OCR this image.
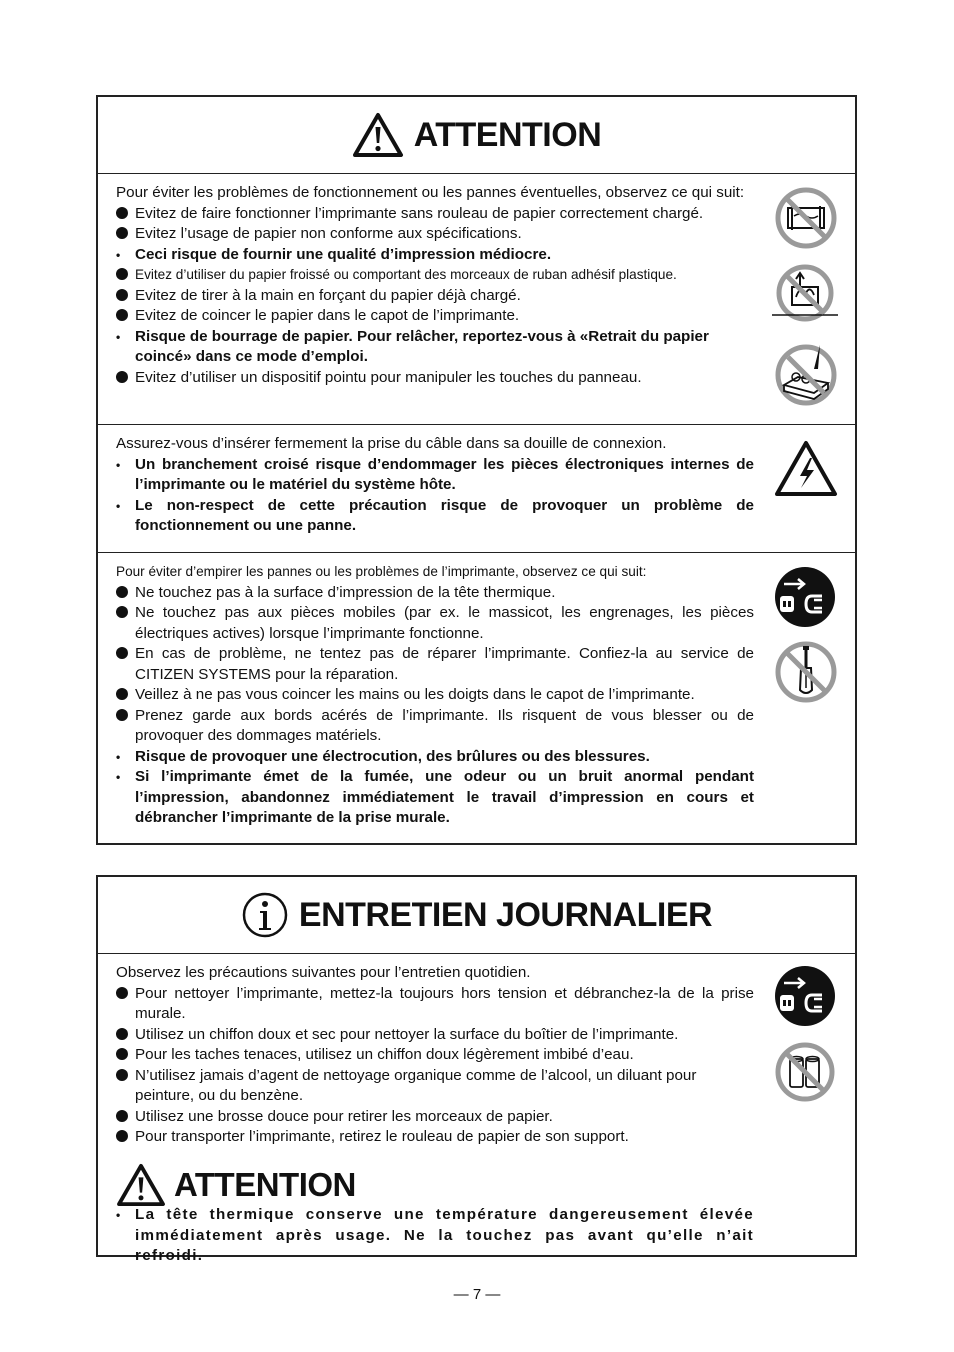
ATTENTION
Pour éviter les problèmes de fonctionnement ou les pannes éventuelles, observez ce qui suit:
Evitez de faire fonctionner l’imprimante sans rouleau de papier correctement chargé.
Evitez l’usage de papier non conforme aux spécifications.
•
Ceci risque de fournir une qualité d’impression médiocre.
Evitez d’utiliser du papier froissé ou comportant des morceaux de ruban adhésif plastique.
Evitez de tirer à la main en forçant du papier déjà chargé.
Evitez de coincer le papier dans le capot de l’imprimante.
•
Risque de bourrage de papier. Pour relâcher, reportez-vous à «Retrait du papier coincé» dans ce mode d’emploi.
Evitez d’utiliser un dispositif pointu pour manipuler les touches du panneau.
Assurez-vous d’insérer fermement la prise du câble dans sa douille de connexion.
•
Un branchement croisé risque d’endommager les pièces électroniques internes de l’imprimante ou le matériel du système hôte.
•
Le non-respect de cette précaution risque de provoquer un problème de fonctionnement ou une panne.
Pour éviter d’empirer les pannes ou les problèmes de l’imprimante, observez ce qui suit:
Ne touchez pas à la surface d’impression de la tête thermique.
Ne touchez pas aux pièces mobiles (par ex. le massicot, les engrenages, les pièces électriques actives) lorsque l’imprimante fonctionne.
En cas de problème, ne tentez pas de réparer l’imprimante. Confiez-la au service de CITIZEN SYSTEMS pour la réparation.
Veillez à ne pas vous coincer les mains ou les doigts dans le capot de l’imprimante.
Prenez garde aux bords acérés de l’imprimante. Ils risquent de vous blesser ou de provoquer des dommages matériels.
•
Risque de provoquer une électrocution, des brûlures ou des blessures.
•
Si l’imprimante émet de la fumée, une odeur ou un bruit anormal pendant l’impression, abandonnez immédiatement le travail d’impression en cours et débrancher l’imprimante de la prise murale.
ENTRETIEN JOURNALIER
Observez les précautions suivantes pour l’entretien quotidien.
Pour nettoyer l’imprimante, mettez-la toujours hors tension et débranchez-la de la prise murale.
Utilisez un chiffon doux et sec pour nettoyer la surface du boîtier de l’imprimante.
Pour les taches tenaces, utilisez un chiffon doux légèrement imbibé d’eau.
N’utilisez jamais d’agent de nettoyage organique comme de l’alcool, un diluant pour peinture, ou du benzène.
Utilisez une brosse douce pour retirer les morceaux de papier.
Pour transporter l’imprimante, retirez le rouleau de papier de son support.
ATTENTION
•
La tête thermique conserve une température dangereusement élevée immédiatement après usage. Ne la touchez pas avant qu’elle n’ait refroidi.
— 7 —
